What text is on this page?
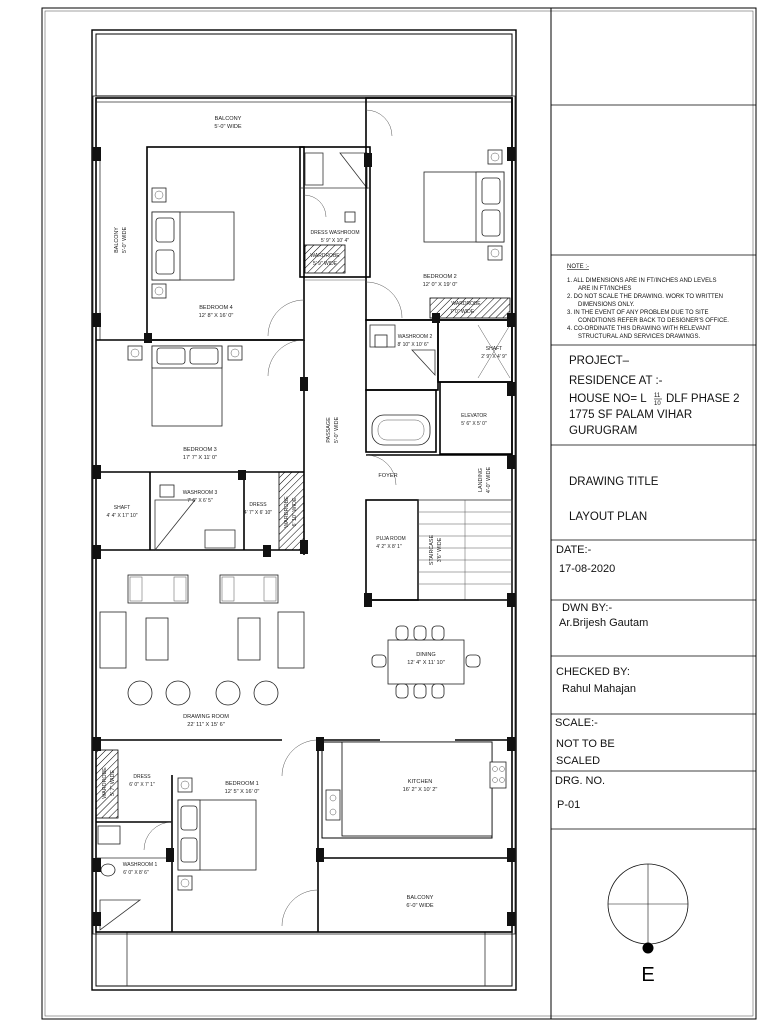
BALCONY
5'-0" WIDE
BALCONY 5'-0" WIDE	DRESS WASHROOM
5' 9" X 10' 4"
WARDROBE
5' 9" WIDE
BEDROOM 4
12' 8" X 16' 0"
BEDROOM 2
12' 0" X 19' 0"
WARDROBE
7' 0" WIDE
WASHROOM 2
8' 10" X 10' 6"
SHAFT
2' 9" X 4' 9"
BEDROOM 3
17' 7" X 11' 0"
PASSAGE 5'-0" WIDE
ELEVATOR
5' 6" X 5' 0"
FOYER	LANDING 4'-0" WIDE
SHAFT
4' 4" X 17' 10"
WASHROOM 3
7' 6" X 6' 5"
DRESS
4' 7" X 6' 10" WARDROBE 6' 10" WIDE
PUJA ROOM
4' 2" X 8' 1"	STAIRCASE 3'6" WIDE
DINING
12' 4" X 11' 10"
DRAWING ROOM
22' 11" X 15' 6"
WARDROBE 5' 7" WIDE	DRESS
6' 0" X 7' 1"	BEDROOM 1
12' 5" X 16' 0"
KITCHEN
16' 2" X 10' 2"
WASHROOM 1
6' 0" X 8' 6"
BALCONY
6'-0" WIDE
NOTE :-
1. ALL DIMENSIONS ARE IN FT/INCHES AND LEVELS
ARE IN FT/INCHES
2. DO NOT SCALE THE DRAWING. WORK TO WRITTEN
DIMENSIONS ONLY.
3. IN THE EVENT OF ANY PROBLEM DUE TO SITE
CONDITIONS REFER BACK TO DESIGNER'S OFFICE.
4. CO-ORDINATE THIS DRAWING WITH RELEVANT
STRUCTURAL AND SERVICES DRAWINGS.
PROJECT–
RESIDENCE AT :-
HOUSE NO= L 11
10 DLF PHASE 2
1775 SF PALAM VIHAR
GURUGRAM
DRAWING TITLE
LAYOUT PLAN
DATE:-
17-08-2020
DWN BY:-
Ar.Brijesh Gautam
CHECKED BY:
Rahul Mahajan
SCALE:-
NOT TO BE
SCALED
DRG. NO.
P-01
E
